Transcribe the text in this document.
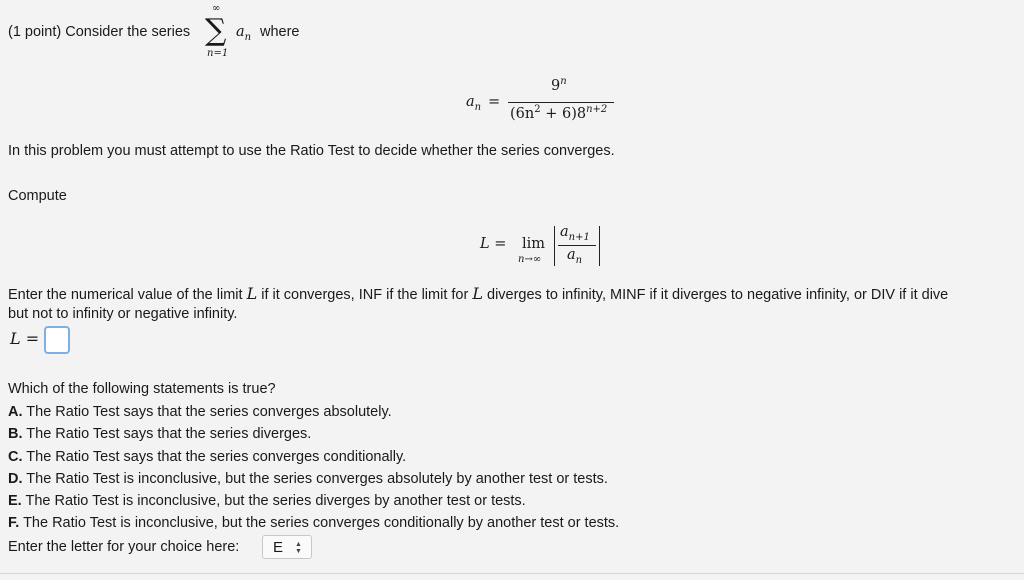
(1 point) Consider the series
∞
∑
n=1
$a_n$ where
$a_n$ =
$9^n$
$(6n^2 + 6)8^{n+2}$
In this problem you must attempt to use the Ratio Test to decide whether the series converges.
Compute
L = lim
n→∞
$a_{n+1}$
$a_n$
Enter the numerical value of the limit L if it converges, INF if the limit for L diverges to infinity, MINF if it diverges to negative infinity, or DIV if it dive
but not to infinity or negative infinity.
L =
Which of the following statements is true?
A. The Ratio Test says that the series converges absolutely.
B. The Ratio Test says that the series diverges.
C. The Ratio Test says that the series converges conditionally.
D. The Ratio Test is inconclusive, but the series converges absolutely by another test or tests.
E. The Ratio Test is inconclusive, but the series diverges by another test or tests.
F. The Ratio Test is inconclusive, but the series converges conditionally by another test or tests.
Enter the letter for your choice here: E ▲
▼
